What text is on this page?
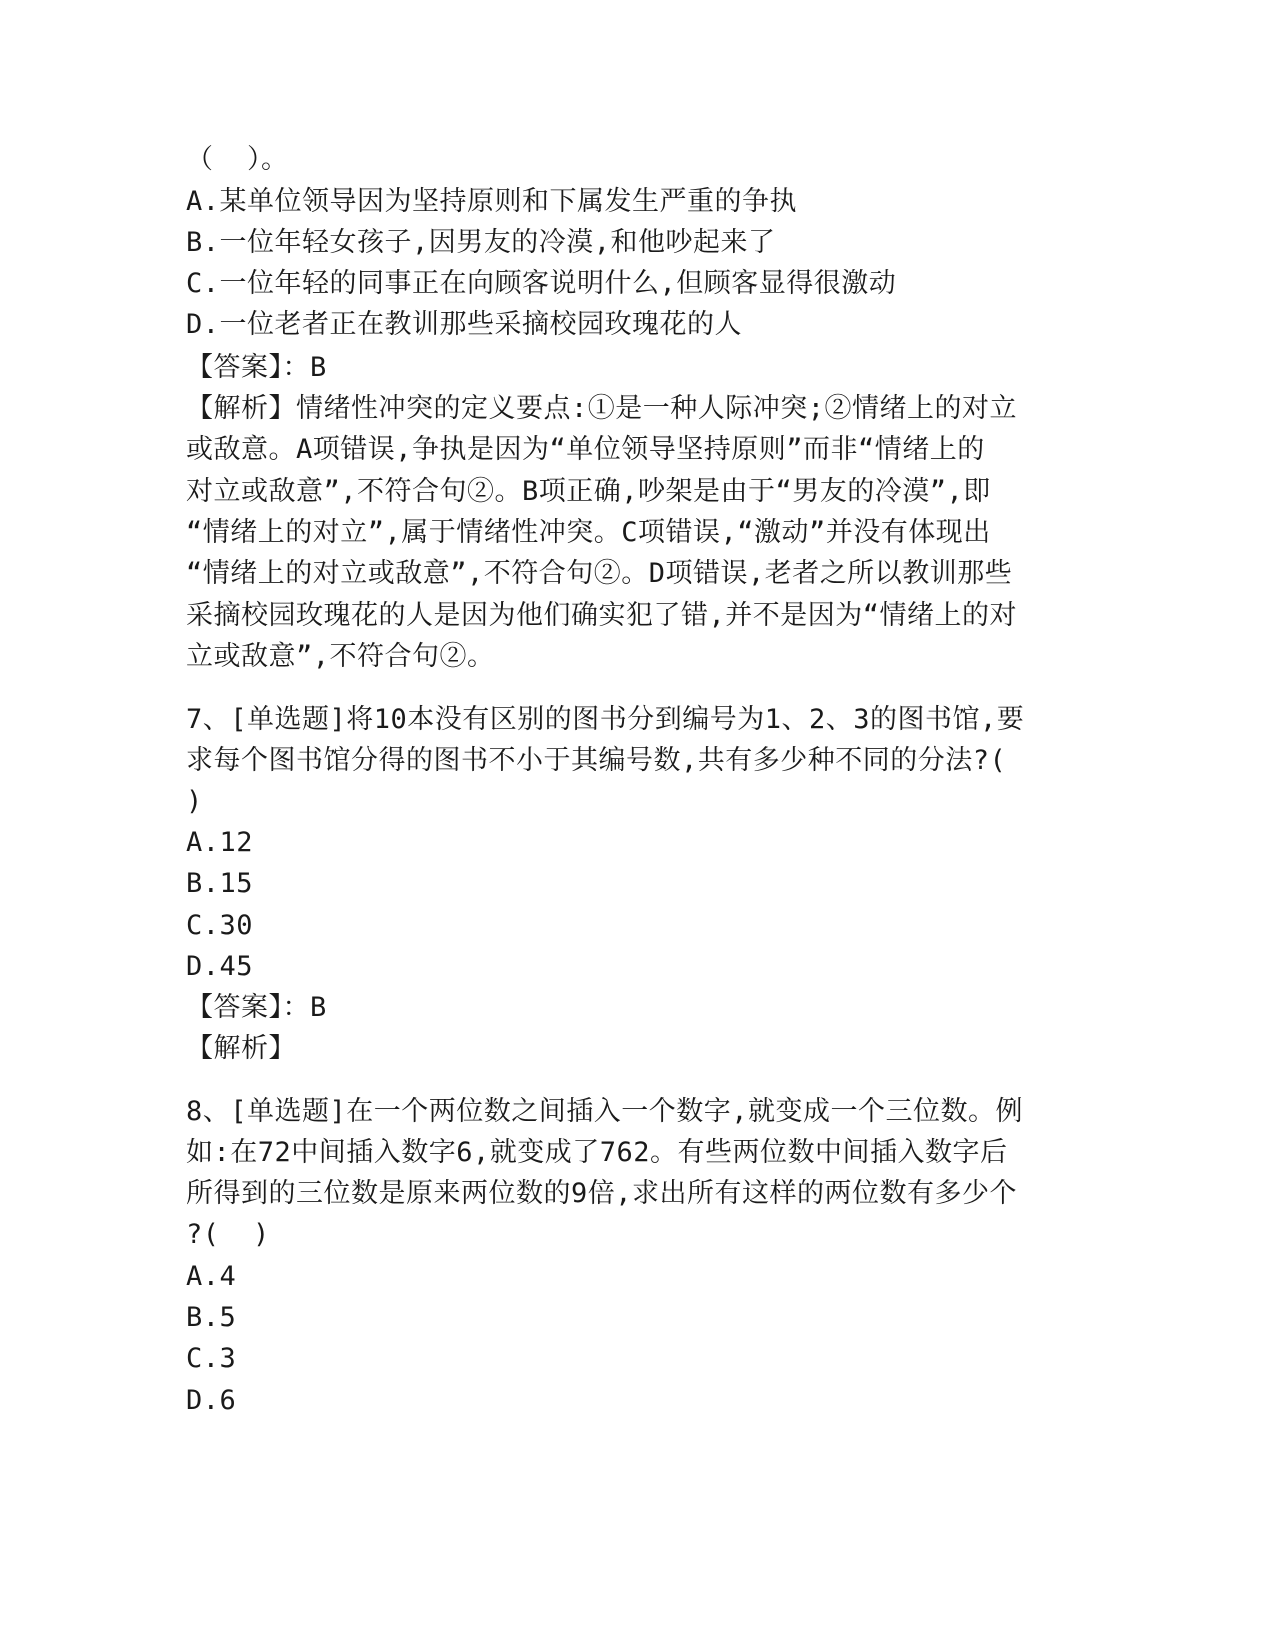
（  ）。
A.某单位领导因为坚持原则和下属发生严重的争执
B.一位年轻女孩子,因男友的冷漠,和他吵起来了
C.一位年轻的同事正在向顾客说明什么,但顾客显得很激动
D.一位老者正在教训那些采摘校园玫瑰花的人
【答案】：B
【解析】情绪性冲突的定义要点:①是一种人际冲突;②情绪上的对立
或敌意。A项错误,争执是因为“单位领导坚持原则”而非“情绪上的
对立或敌意”,不符合句②。B项正确,吵架是由于“男友的冷漠”,即
“情绪上的对立”,属于情绪性冲突。C项错误,“激动”并没有体现出
“情绪上的对立或敌意”,不符合句②。D项错误,老者之所以教训那些
采摘校园玫瑰花的人是因为他们确实犯了错,并不是因为“情绪上的对
立或敌意”,不符合句②。
7、[单选题]将10本没有区别的图书分到编号为1、2、3的图书馆,要
求每个图书馆分得的图书不小于其编号数,共有多少种不同的分法?(
)
A.12
B.15
C.30
D.45
【答案】：B
【解析】
8、[单选题]在一个两位数之间插入一个数字,就变成一个三位数。例
如:在72中间插入数字6,就变成了762。有些两位数中间插入数字后
所得到的三位数是原来两位数的9倍,求出所有这样的两位数有多少个
?(  )
A.4
B.5
C.3
D.6
